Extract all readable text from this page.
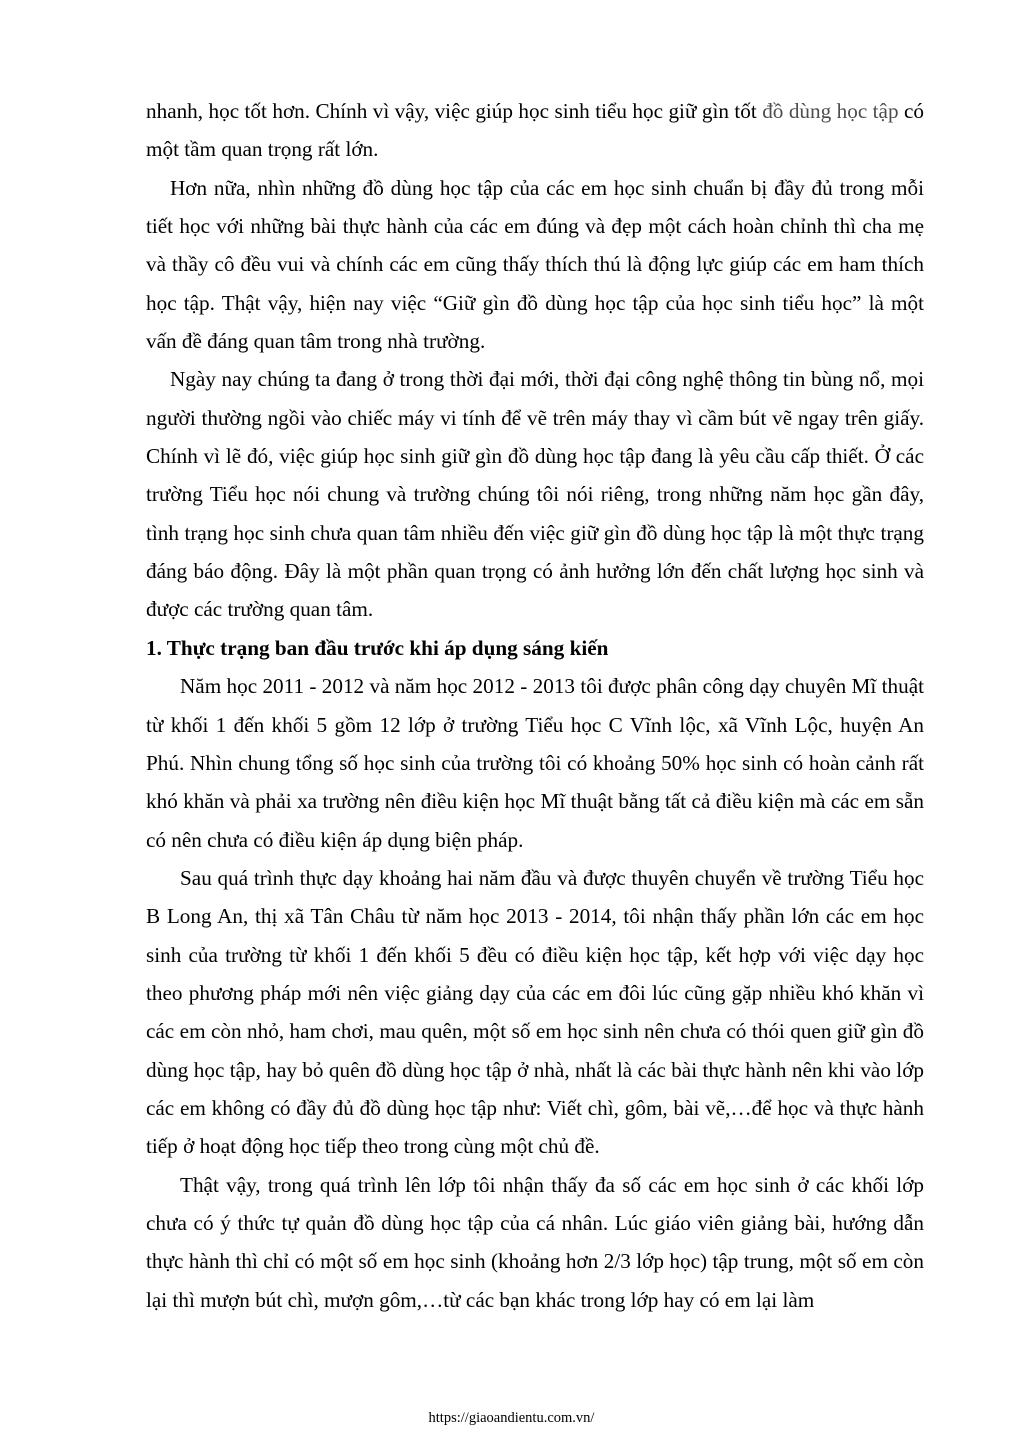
nhanh, học tốt hơn. Chính vì vậy, việc giúp học sinh tiểu học giữ gìn tốt đồ dùng học tập có một tầm quan trọng rất lớn.

Hơn nữa, nhìn những đồ dùng học tập của các em học sinh chuẩn bị đầy đủ trong mỗi tiết học với những bài thực hành của các em đúng và đẹp một cách hoàn chỉnh thì cha mẹ và thầy cô đều vui và chính các em cũng thấy thích thú là động lực giúp các em ham thích học tập. Thật vậy, hiện nay việc “Giữ gìn đồ dùng học tập của học sinh tiểu học” là một vấn đề đáng quan tâm trong nhà trường.

Ngày nay chúng ta đang ở trong thời đại mới, thời đại công nghệ thông tin bùng nổ, mọi người thường ngồi vào chiếc máy vi tính để vẽ trên máy thay vì cầm bút vẽ ngay trên giấy. Chính vì lẽ đó, việc giúp học sinh giữ gìn đồ dùng học tập đang là yêu cầu cấp thiết. Ở các trường Tiểu học nói chung và trường chúng tôi nói riêng, trong những năm học gần đây, tình trạng học sinh chưa quan tâm nhiều đến việc giữ gìn đồ dùng học tập là một thực trạng đáng báo động. Đây là một phần quan trọng có ảnh hưởng lớn đến chất lượng học sinh và được các trường quan tâm.

1. Thực trạng ban đầu trước khi áp dụng sáng kiến

Năm học 2011 - 2012 và năm học 2012 - 2013 tôi được phân công dạy chuyên Mĩ thuật từ khối 1 đến khối 5 gồm 12 lớp ở trường Tiểu học C Vĩnh lộc, xã Vĩnh Lộc, huyện An Phú. Nhìn chung tổng số học sinh của trường tôi có khoảng 50% học sinh có hoàn cảnh rất khó khăn và phải xa trường nên điều kiện học Mĩ thuật bằng tất cả điều kiện mà các em sẵn có nên chưa có điều kiện áp dụng biện pháp.

Sau quá trình thực dạy khoảng hai năm đầu và được thuyên chuyển về trường Tiểu học B Long An, thị xã Tân Châu từ năm học 2013 - 2014, tôi nhận thấy phần lớn các em học sinh của trường từ khối 1 đến khối 5 đều có điều kiện học tập, kết hợp với việc dạy học theo phương pháp mới nên việc giảng dạy của các em đôi lúc cũng gặp nhiều khó khăn vì các em còn nhỏ, ham chơi, mau quên, một số em học sinh nên chưa có thói quen giữ gìn đồ dùng học tập, hay bỏ quên đồ dùng học tập ở nhà, nhất là các bài thực hành nên khi vào lớp các em không có đầy đủ đồ dùng học tập như: Viết chì, gôm, bài vẽ,…để học và thực hành tiếp ở hoạt động học tiếp theo trong cùng một chủ đề.

Thật vậy, trong quá trình lên lớp tôi nhận thấy đa số các em học sinh ở các khối lớp chưa có ý thức tự quản đồ dùng học tập của cá nhân. Lúc giáo viên giảng bài, hướng dẫn thực hành thì chỉ có một số em học sinh (khoảng hơn 2/3 lớp học) tập trung, một số em còn lại thì mượn bút chì, mượn gôm,…từ các bạn khác trong lớp hay có em lại làm

https://giaoandientu.com.vn/
